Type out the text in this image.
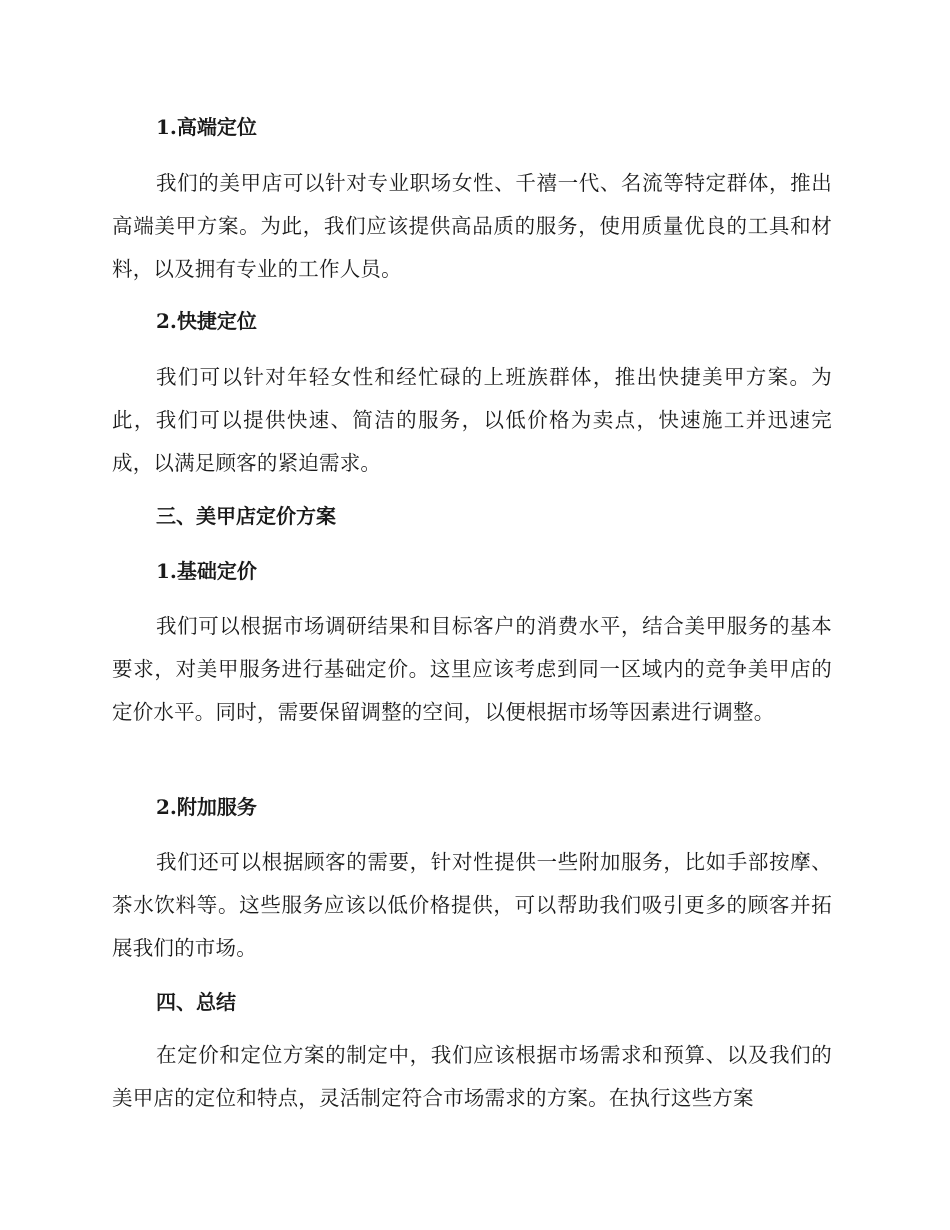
1.高端定位
我们的美甲店可以针对专业职场女性、千禧一代、名流等特定群体，推出高端美甲方案。为此，我们应该提供高品质的服务，使用质量优良的工具和材料，以及拥有专业的工作人员。
2.快捷定位
我们可以针对年轻女性和经忙碌的上班族群体，推出快捷美甲方案。为此，我们可以提供快速、简洁的服务，以低价格为卖点，快速施工并迅速完成，以满足顾客的紧迫需求。
三、美甲店定价方案
1.基础定价
我们可以根据市场调研结果和目标客户的消费水平，结合美甲服务的基本要求，对美甲服务进行基础定价。这里应该考虑到同一区域内的竞争美甲店的定价水平。同时，需要保留调整的空间，以便根据市场等因素进行调整。
2.附加服务
我们还可以根据顾客的需要，针对性提供一些附加服务，比如手部按摩、茶水饮料等。这些服务应该以低价格提供，可以帮助我们吸引更多的顾客并拓展我们的市场。
四、总结
在定价和定位方案的制定中，我们应该根据市场需求和预算、以及我们的美甲店的定位和特点，灵活制定符合市场需求的方案。在执行这些方案
